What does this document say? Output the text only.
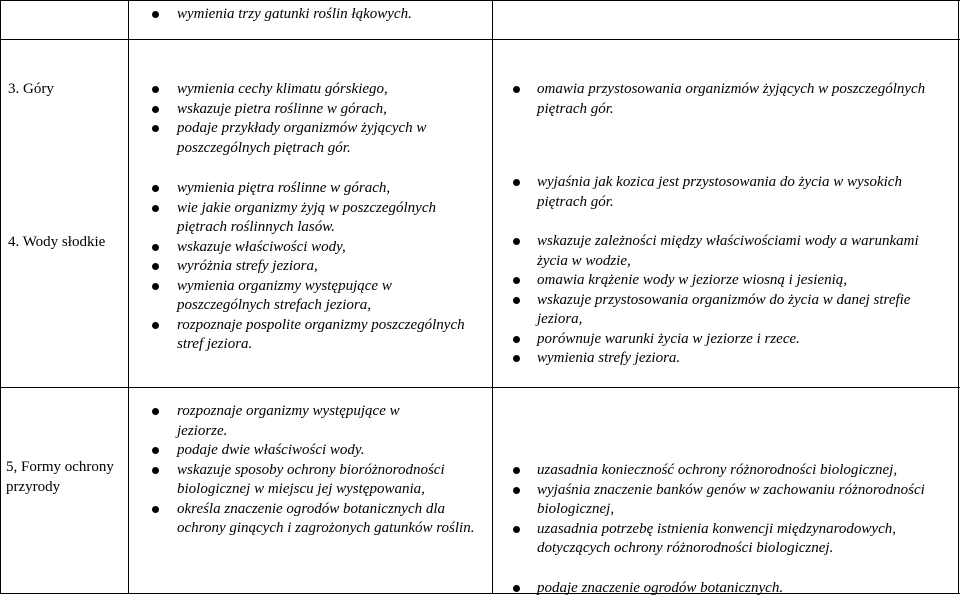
wymienia trzy gatunki roślin łąkowych.
3. Góry
4. Wody słodkie
wymienia cechy klimatu górskiego,
wskazuje pietra roślinne w górach,
podaje przykłady organizmów żyjących w poszczególnych piętrach gór.
wymienia piętra roślinne w górach,
wie jakie organizmy żyją w poszczególnych piętrach roślinnych lasów.
wskazuje właściwości wody,
wyróżnia strefy jeziora,
wymienia organizmy występujące w poszczególnych strefach jeziora,
rozpoznaje pospolite organizmy poszczególnych stref jeziora.
omawia przystosowania organizmów żyjących w poszczególnych piętrach gór.
wyjaśnia jak kozica jest przystosowania do życia w wysokich piętrach gór.
wskazuje zależności między właściwościami wody a warunkami życia w wodzie,
omawia krążenie wody w jeziorze wiosną i jesienią,
wskazuje przystosowania organizmów do życia w danej strefie jeziora,
porównuje warunki życia w jeziorze i rzece.
wymienia strefy jeziora.
5, Formy ochrony przyrody
rozpoznaje organizmy występujące w jeziorze.
podaje dwie właściwości wody.
wskazuje sposoby ochrony bioróżnorodności biologicznej w miejscu jej występowania,
określa znaczenie ogrodów botanicznych dla ochrony ginących i zagrożonych gatunków roślin.
uzasadnia konieczność ochrony różnorodności biologicznej,
wyjaśnia znaczenie banków genów w zachowaniu różnorodności biologicznej,
uzasadnia potrzebę istnienia konwencji międzynarodowych, dotyczących ochrony różnorodności biologicznej.
podaje znaczenie ogrodów botanicznych.
